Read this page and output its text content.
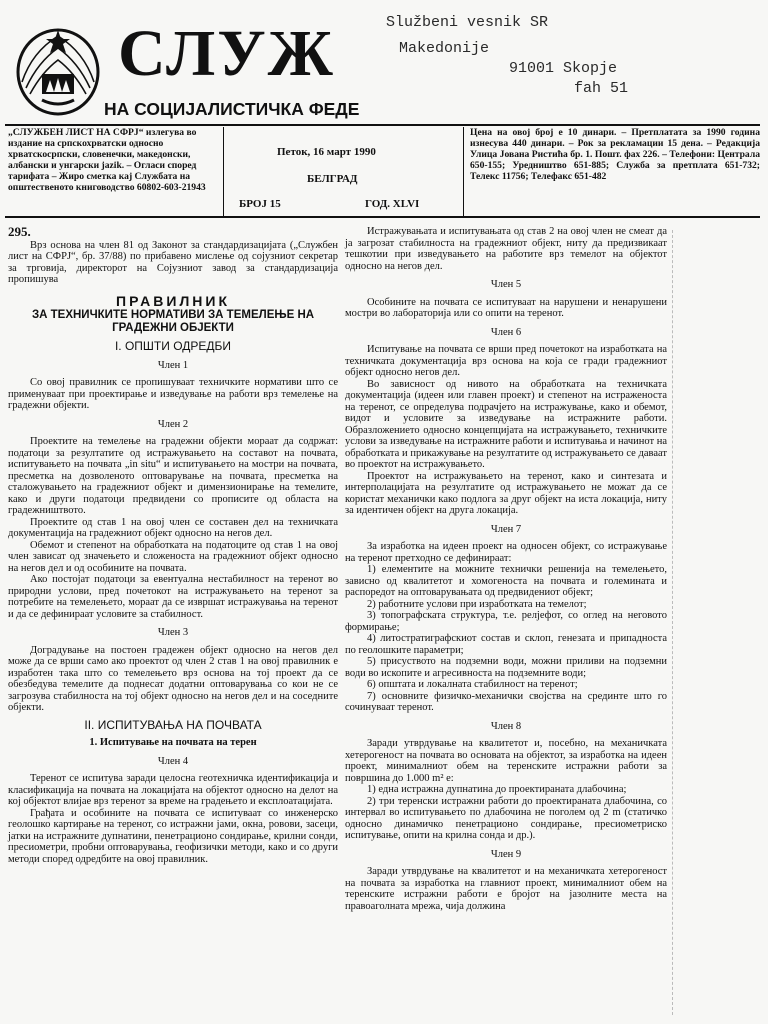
СЛУЖ
НА СОЦИЈАЛИСТИЧКА ФЕДЕ
Službeni vesnik SR
Makedonije
91001 Skopje
fah 51
„СЛУЖБЕН ЛИСТ НА СФРЈ“ излегува во издание на српскохрватски односно хрватскосрпски, словенечки, македонски, албански и унгарски jazik. – Огласи според тарифата – Жиро сметка кај Службата на општественото книговодство 60802-603-21943
Петок, 16 март 1990
БЕЛГРАД
БРОЈ 15	ГОД. XLVI
Цена на овој број е 10 динари. – Претплатата за 1990 година изнесува 440 динари. – Рок за рекламации 15 дена. – Редакција Улица Јована Ристића бр. 1. Пошт. фах 226. – Телефони: Централа 650-155; Уредништво 651-885; Служба за претплата 651-732; Телекс 11756; Телефакс 651-482

295.

Врз основа на член 81 од Законот за стандардизацијата („Службен лист на СФРЈ“, бр. 37/88) по прибавено мислење од сојузниот секретар за трговија, директорот на Сојузниот завод за стандардизација пропишува

ПРАВИЛНИК

ЗА ТЕХНИЧКИТЕ НОРМАТИВИ ЗА ТЕМЕЛЕЊЕ НА ГРАДЕЖНИ ОБЈЕКТИ

I. ОПШТИ ОДРЕДБИ

Член 1

Со овој правилник се пропишуваат техничките нормативи што се применуваат при проектирање и изведување на работи врз темелење на градежни објекти.

Член 2

Проектите на темелење на градежни објекти мораат да содржат: податоци за резултатите од истражувањето на составот на почвата, испитувањето на почвата „in situ“ и испитувањето на мостри на почвата, пресметка на дозволеното оптоварување на почвата, пресметка на сталожувањето на градежниот објект и димензионирање на темелите, како и други податоци предвидени со прописите од областа на градежништвото.

Проектите од став 1 на овој член се составен дел на техничката документација на градежниот објект односно на негов дел.

Обемот и степенот на обработката на податоците од став 1 на овој член зависат од значењето и сложеноста на градежниот објект односно на негов дел и од особините на почвата.

Ако постојат податоци за евентуална нестабилност на теренот во природни услови, пред почетокот на истражувањето на теренот за потребите на темелењето, мораат да се извршат истражувања на теренот и да се дефинираат условите за стабилност.

Член 3

Доградување на постоен градежен објект односно на негов дел може да се врши само ако проектот од член 2 став 1 на овој правилник е изработен така што со темелењето врз основа на тој проект да се обезбедува темелите да поднесат додатни оптоварувања со кои не се загрозува стабилноста на тој објект односно на негов дел и на соседните објекти.

II. ИСПИТУВАЊА НА ПОЧВАТА

1. Испитување на почвата на терен

Член 4

Теренот се испитува заради целосна геотехничка идентификација и класификација на почвата на локацијата на објектот односно на делот на кој објектот влијае врз теренот за време на градењето и експлоатацијата.

Грађата и особините на почвата се испитуваат со инженерско геолошко картирање на теренот, со истражни јами, окна, ровови, засеци, јатки на истражните дупнатини, пенетрационо сондирање, крилни сонди, пресиометри, пробни оптоварувања, геофизички методи, како и со други методи според одредбите на овој правилник.

Истражувањата и испитувањата од став 2 на овој член не смеат да ја загрозат стабилноста на градежниот објект, ниту да предизвикаат тешкотии при изведувањето на работите врз темелот на објектот односно на негов дел.

Член 5

Особините на почвата се испитуваат на нарушени и ненарушени мостри во лабораторија или со опити на теренот.

Член 6

Испитување на почвата се врши пред почетокот на изработката на техничката документација врз основа на која се гради градежниот објект односно негов дел.

Во зависност од нивото на обработката на техничката документација (идеен или главен проект) и степенот на истраженоста на теренот, се определува подрачјето на истражување, како и обемот, видот и условите за изведување на истражните работи. Образложението односно концепцијата на истражувањето, техничките услови за изведување на истражните работи и испитувања и начинот на обработката и прикажување на резултатите од истражувањето се даваат во проектот на истражувањето.

Проектот на истражувањето на теренот, како и синтезата и интерполацијата на резултатите од истражувањето не можат да се користат механички како подлога за друг објект на иста локација, ниту за идентичен објект на друга локација.

Член 7

За изработка на идеен проект на односен објект, со истражување на теренот претходно се дефинираат:

1) елементите на можните технички решенија на темелењето, зависно од квалитетот и хомогеноста на почвата и големината и распоредот на оптоварувањата од предвидениот објект;

2) работните услови при изработката на темелот;

3) топографската структура, т.е. релјефот, со оглед на неговото формирање;

4) литостратиграфскиот состав и склоп, генезата и припадноста по геолошките параметри;

5) присуството на подземни води, можни приливи на подземни води во ископите и агресивноста на подземните води;

6) општата и локалната стабилност на теренот;

7) основните физичко-механички својства на срединте што го сочинуваат теренот.

Член 8

Заради утврдување на квалитетот и, посебно, на механичката хетерогеност на почвата во основата на објектот, за изработка на идеен проект, минималниот обем на теренските истражни работи за површина до 1.000 m² е:

1) една истражна дупнатина до проектираната длабочина;

2) три теренски истражни работи до проектираната длабочина, со интервал во испитувањето по длабочина не поголем од 2 m (статичко односно динамичко пенетрационо сондирање, пресиометриско испитување, опити на крилна сонда и др.).

Член 9

Заради утврдување на квалитетот и на механичката хетерогеност на почвата за изработка на главниот проект, минималниот обем на теренските истражни работи е бројот на јазолните места на правоаголната мрежа, чија должина
